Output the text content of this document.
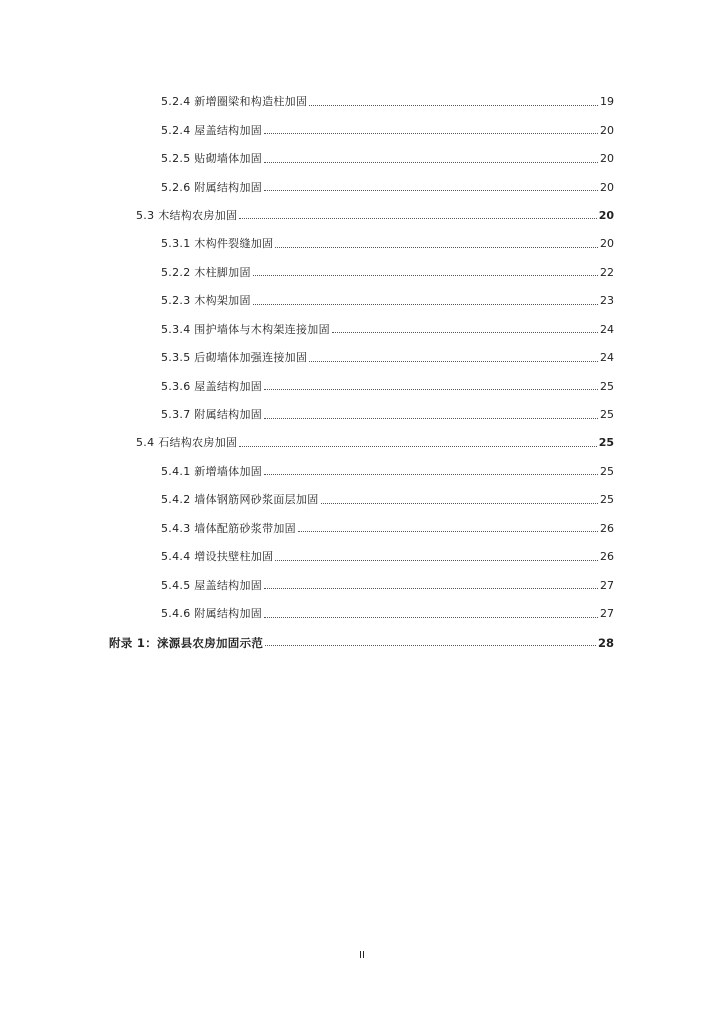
5.2.4 新增圈梁和构造柱加固	19
5.2.4 屋盖结构加固	20
5.2.5 贴砌墙体加固	20
5.2.6 附属结构加固	20
5.3 木结构农房加固	20
5.3.1 木构件裂缝加固	20
5.2.2 木柱脚加固	22
5.2.3 木构架加固	23
5.3.4 围护墙体与木构架连接加固	24
5.3.5 后砌墙体加强连接加固	24
5.3.6 屋盖结构加固	25
5.3.7 附属结构加固	25
5.4 石结构农房加固	25
5.4.1 新增墙体加固	25
5.4.2 墙体钢筋网砂浆面层加固	25
5.4.3 墙体配筋砂浆带加固	26
5.4.4 增设扶壁柱加固	26
5.4.5 屋盖结构加固	27
5.4.6 附属结构加固	27
附录 1：涞源县农房加固示范	28
II
